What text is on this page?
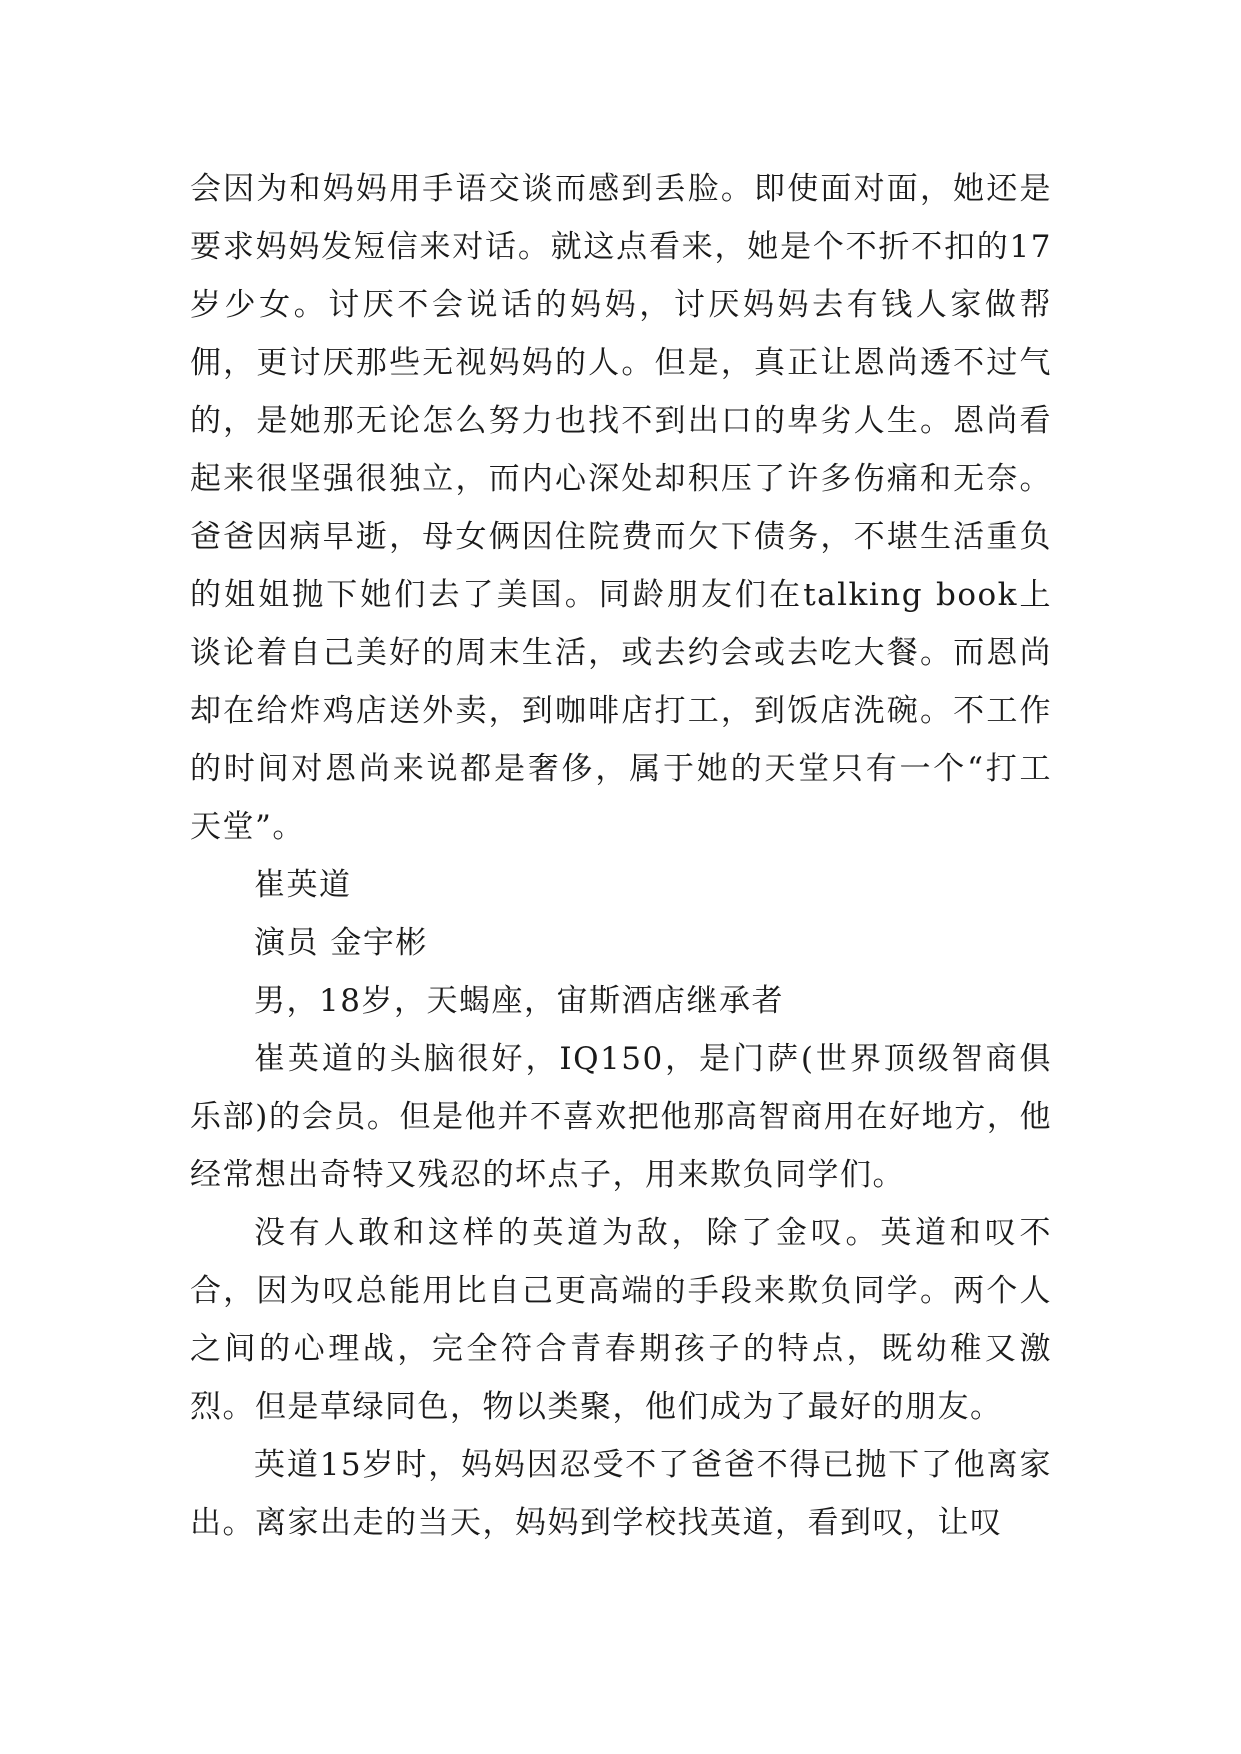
会因为和妈妈用手语交谈而感到丢脸。即使面对面，她还是要求妈妈发短信来对话。就这点看来，她是个不折不扣的17岁少女。讨厌不会说话的妈妈，讨厌妈妈去有钱人家做帮佣，更讨厌那些无视妈妈的人。但是，真正让恩尚透不过气的，是她那无论怎么努力也找不到出口的卑劣人生。恩尚看起来很坚强很独立，而内心深处却积压了许多伤痛和无奈。爸爸因病早逝，母女俩因住院费而欠下债务，不堪生活重负的姐姐抛下她们去了美国。同龄朋友们在talking book上谈论着自己美好的周末生活，或去约会或去吃大餐。而恩尚却在给炸鸡店送外卖，到咖啡店打工，到饭店洗碗。不工作的时间对恩尚来说都是奢侈，属于她的天堂只有一个“打工天堂”。

崔英道

演员 金宇彬

男，18岁，天蝎座，宙斯酒店继承者

崔英道的头脑很好，IQ150，是门萨(世界顶级智商俱乐部)的会员。但是他并不喜欢把他那高智商用在好地方，他经常想出奇特又残忍的坏点子，用来欺负同学们。

没有人敢和这样的英道为敌，除了金叹。英道和叹不合，因为叹总能用比自己更高端的手段来欺负同学。两个人之间的心理战，完全符合青春期孩子的特点，既幼稚又激烈。但是草绿同色，物以类聚，他们成为了最好的朋友。

英道15岁时，妈妈因忍受不了爸爸不得已抛下了他离家出。离家出走的当天，妈妈到学校找英道，看到叹，让叹
